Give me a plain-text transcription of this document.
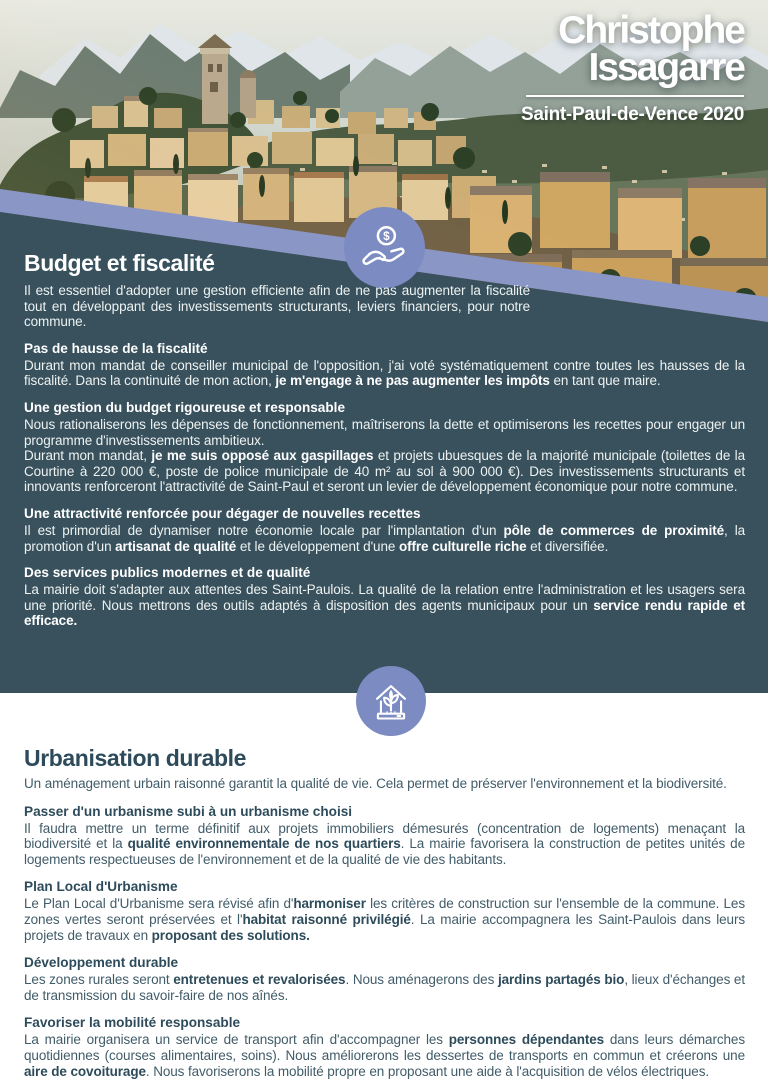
Christophe
Issagarre
Saint-Paul-de-Vence 2020
$
Budget et fiscalité

Il est essentiel d'adopter une gestion efficiente afin de ne pas augmenter la fiscalité tout en développant des investissements structurants, leviers financiers, pour notre commune.

Pas de hausse de la fiscalité

Durant mon mandat de conseiller municipal de l'opposition, j'ai voté systématiquement contre toutes les hausses de la fiscalité. Dans la continuité de mon action, je m'engage à ne pas augmenter les impôts en tant que maire.

Une gestion du budget rigoureuse et responsable

Nous rationaliserons les dépenses de fonctionnement, maîtriserons la dette et optimiserons les recettes pour engager un programme d'investissements ambitieux.

Durant mon mandat, je me suis opposé aux gaspillages et projets ubuesques de la majorité municipale (toilettes de la Courtine à 220 000 €, poste de police municipale de 40 m² au sol à 900 000 €). Des investissements structurants et innovants renforceront l'attractivité de Saint-Paul et seront un levier de développement économique pour notre commune.

Une attractivité renforcée pour dégager de nouvelles recettes

Il est primordial de dynamiser notre économie locale par l'implantation d'un pôle de commerces de proximité, la promotion d'un artisanat de qualité et le développement d'une offre culturelle riche et diversifiée.

Des services publics modernes et de qualité

La mairie doit s'adapter aux attentes des Saint-Paulois. La qualité de la relation entre l'administration et les usagers sera une priorité. Nous mettrons des outils adaptés à disposition des agents municipaux pour un service rendu rapide et efficace.

Urbanisation durable

Un aménagement urbain raisonné garantit la qualité de vie. Cela permet de préserver l'environnement et la biodiversité.

Passer d'un urbanisme subi à un urbanisme choisi

Il faudra mettre un terme définitif aux projets immobiliers démesurés (concentration de logements) menaçant la biodiversité et la qualité environnementale de nos quartiers. La mairie favorisera la construction de petites unités de logements respectueuses de l'environnement et de la qualité de vie des habitants.

Plan Local d'Urbanisme

Le Plan Local d'Urbanisme sera révisé afin d'harmoniser les critères de construction sur l'ensemble de la commune. Les zones vertes seront préservées et l'habitat raisonné privilégié. La mairie accompagnera les Saint-Paulois dans leurs projets de travaux en proposant des solutions.

Développement durable

Les zones rurales seront entretenues et revalorisées. Nous aménagerons des jardins partagés bio, lieux d'échanges et de transmission du savoir-faire de nos aînés.

Favoriser la mobilité responsable

La mairie organisera un service de transport afin d'accompagner les personnes dépendantes dans leurs démarches quotidiennes (courses alimentaires, soins). Nous améliorerons les dessertes de transports en commun et créerons une aire de covoiturage. Nous favoriserons la mobilité propre en proposant une aide à l'acquisition de vélos électriques.
